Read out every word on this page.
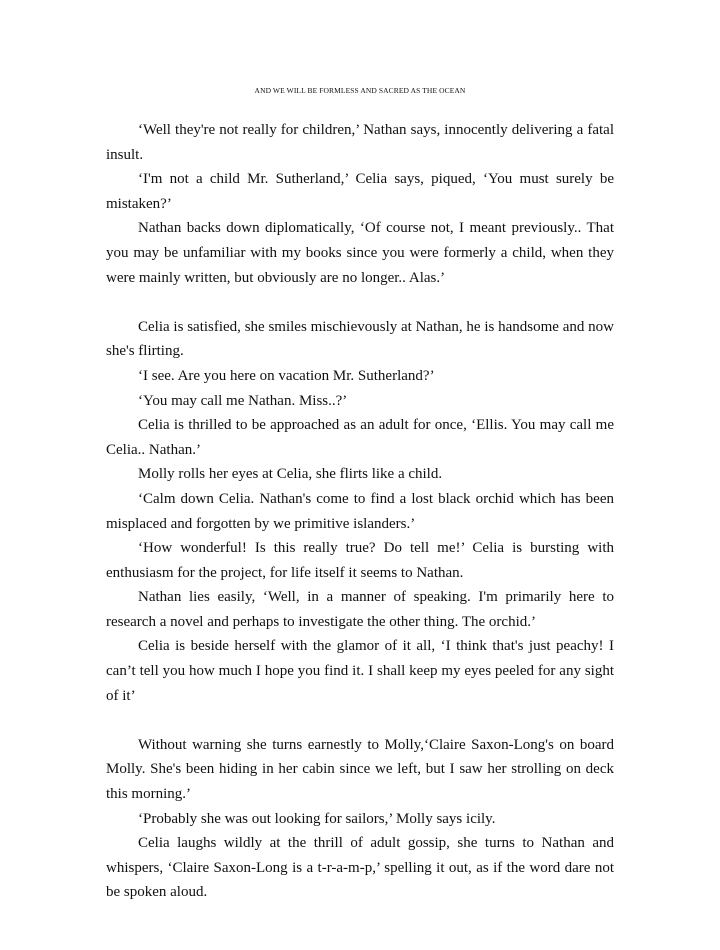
AND WE WILL BE FORMLESS AND SACRED AS THE OCEAN

‘Well they're not really for children,’ Nathan says, innocently delivering a fatal insult.

‘I'm not a child Mr. Sutherland,’ Celia says, piqued, ‘You must surely be mistaken?’

Nathan backs down diplomatically, ‘Of course not, I meant previously.. That you may be unfamiliar with my books since you were formerly a child, when they were mainly written, but obviously are no longer.. Alas.’

Celia is satisfied, she smiles mischievously at Nathan, he is handsome and now she's flirting.

‘I see. Are you here on vacation Mr. Sutherland?’

‘You may call me Nathan. Miss..?’

Celia is thrilled to be approached as an adult for once, ‘Ellis. You may call me Celia.. Nathan.’

Molly rolls her eyes at Celia, she flirts like a child.

‘Calm down Celia. Nathan's come to find a lost black orchid which has been misplaced and forgotten by we primitive islanders.’

‘How wonderful! Is this really true? Do tell me!’ Celia is bursting with enthusiasm for the project, for life itself it seems to Nathan.

Nathan lies easily, ‘Well, in a manner of speaking. I'm primarily here to research a novel and perhaps to investigate the other thing. The orchid.’

Celia is beside herself with the glamor of it all, ‘I think that's just peachy! I can’t tell you how much I hope you find it. I shall keep my eyes peeled for any sight of it’

Without warning she turns earnestly to Molly,‘Claire Saxon-Long's on board Molly. She's been hiding in her cabin since we left, but I saw her strolling on deck this morning.’

‘Probably she was out looking for sailors,’ Molly says icily.

Celia laughs wildly at the thrill of adult gossip, she turns to Nathan and whispers, ‘Claire Saxon-Long is a t-r-a-m-p,’ spelling it out, as if the word dare not be spoken aloud.
